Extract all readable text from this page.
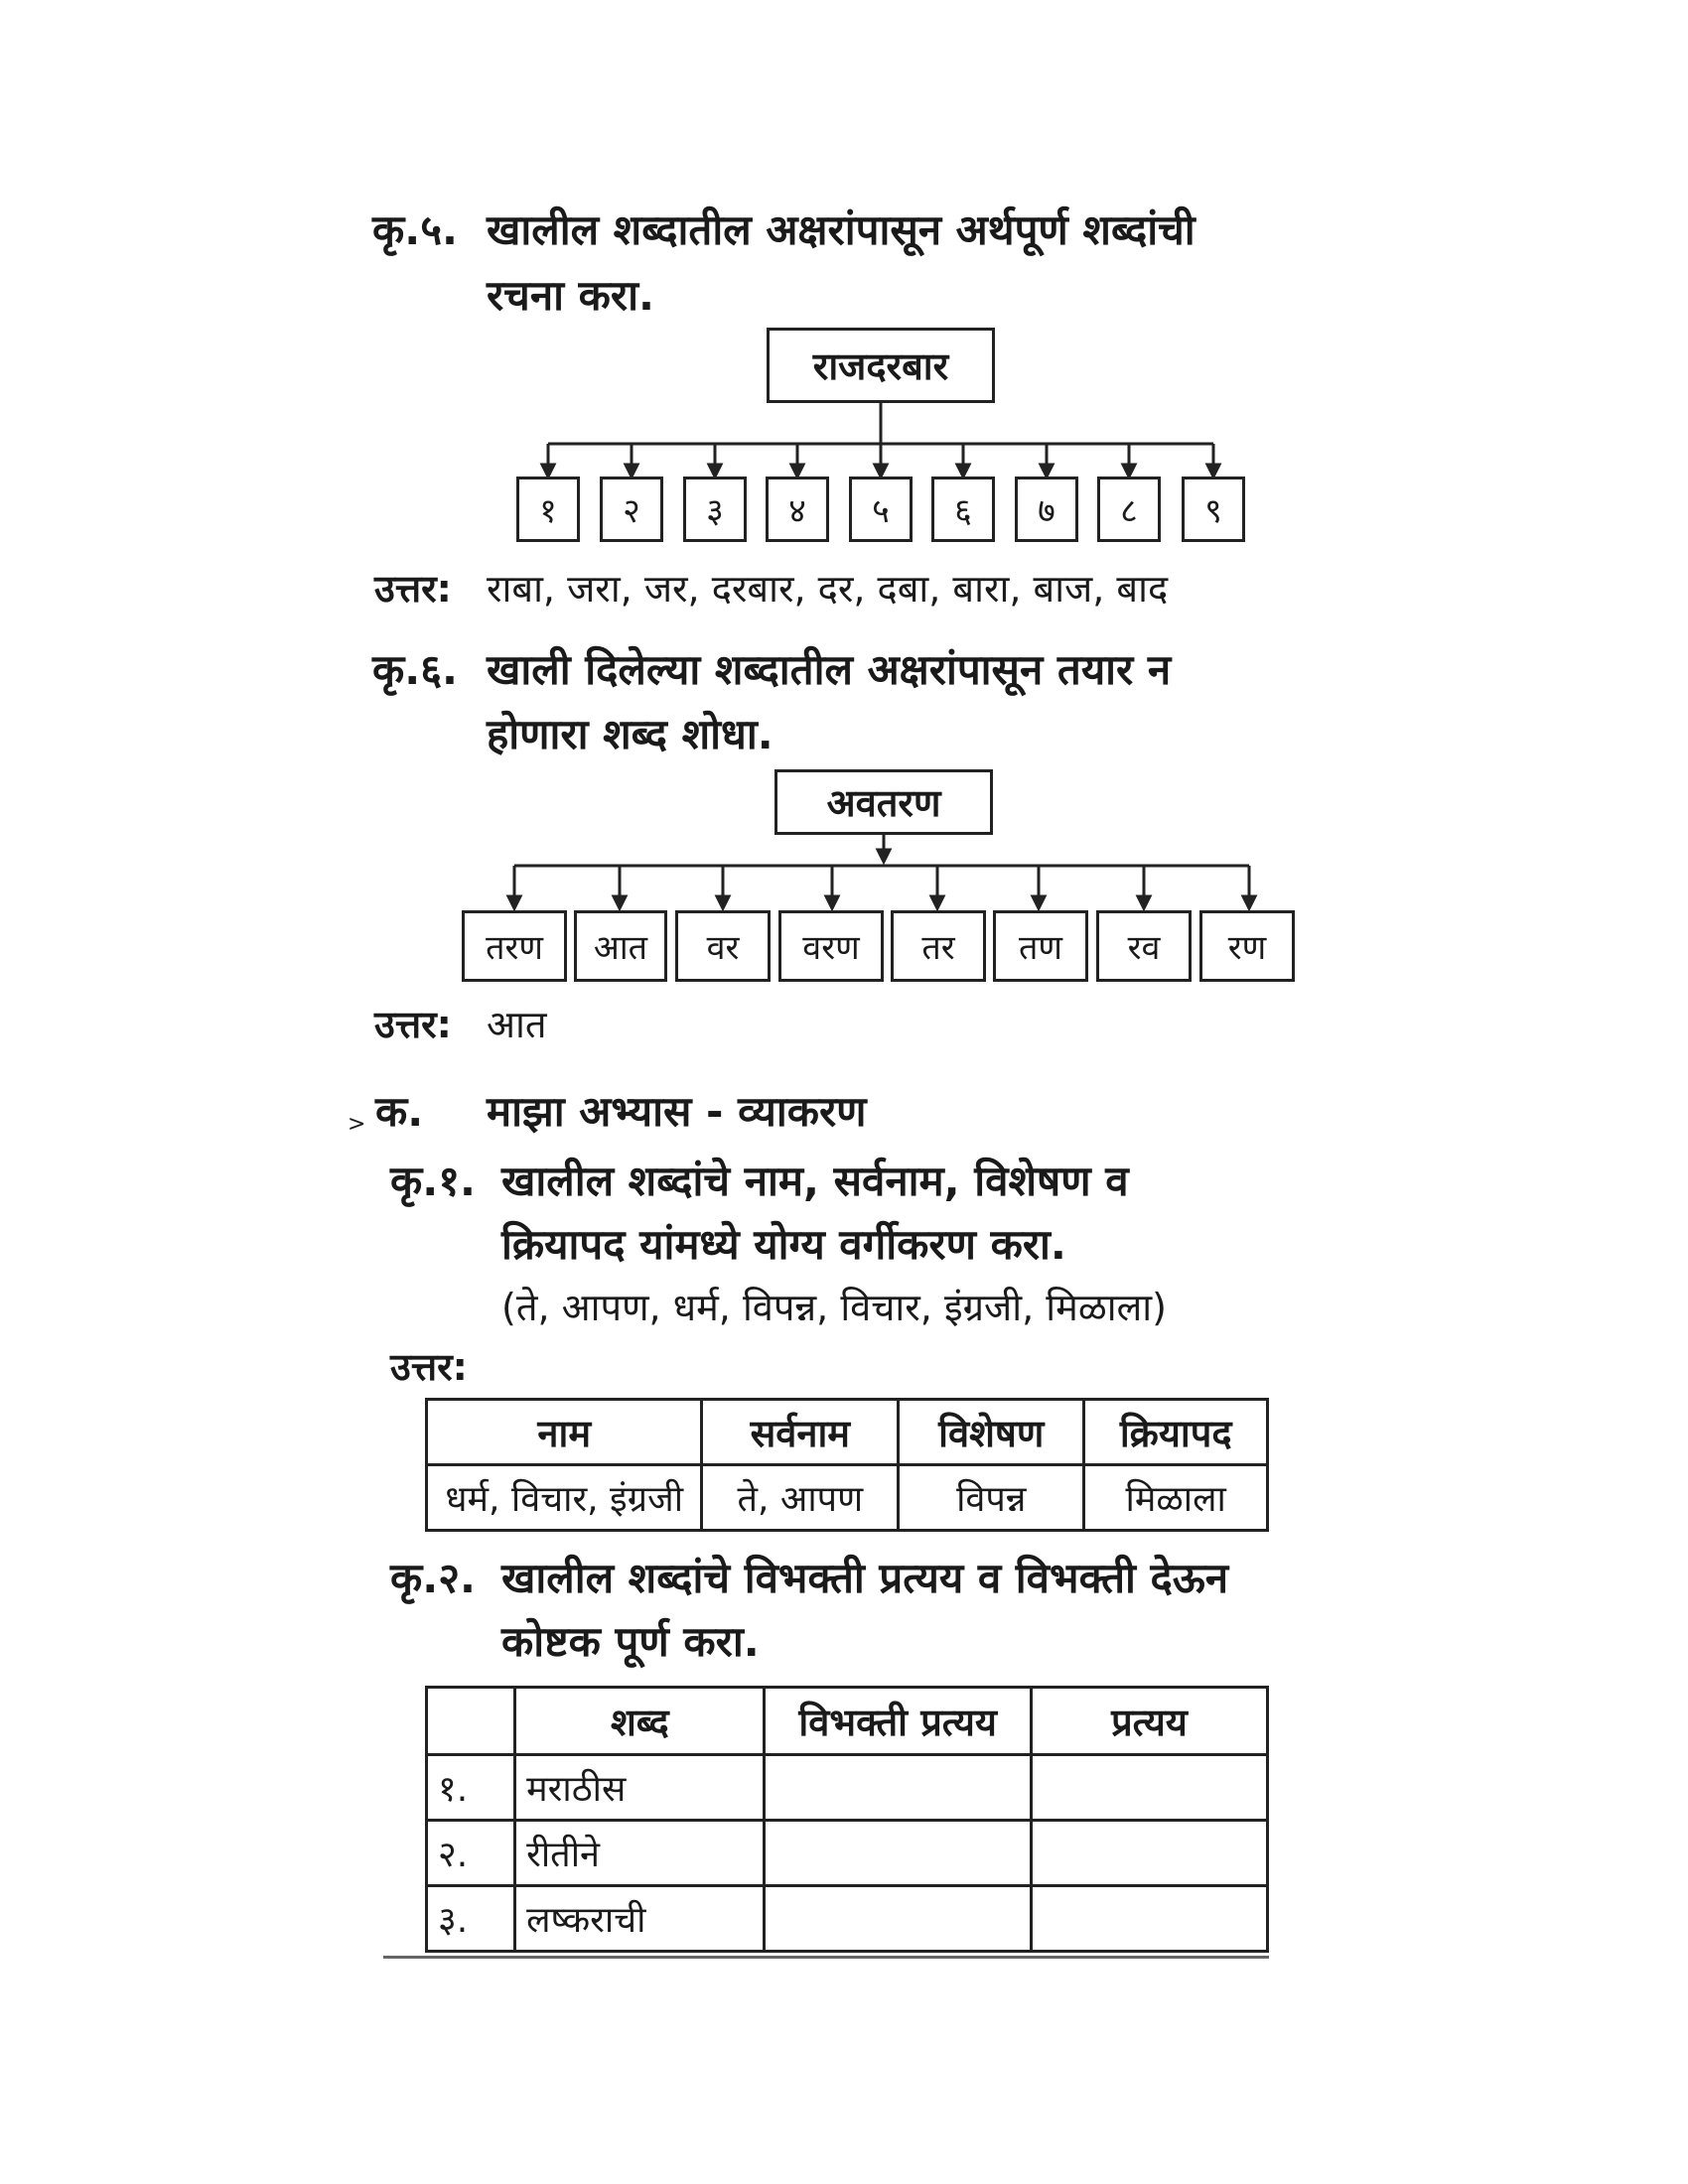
कृ.५. खालील शब्दातील अक्षरांपासून अर्थपूर्ण शब्दांची
रचना करा.
राजदरबार
१	२	३	४	५	६	७	८	९
उत्तर: राबा, जरा, जर, दरबार, दर, दबा, बारा, बाज, बाद
कृ.६. खाली दिलेल्या शब्दातील अक्षरांपासून तयार न
होणारा शब्द शोधा.
अवतरण
तरण	आत	वर	वरण	तर	तण	रव	रण
उत्तर: आत
> क. माझा अभ्यास - व्याकरण
कृ.१. खालील शब्दांचे नाम, सर्वनाम, विशेषण व
क्रियापद यांमध्ये योग्य वर्गीकरण करा.
(ते, आपण, धर्म, विपन्न, विचार, इंग्रजी, मिळाला)
उत्तर:
नाम	सर्वनाम	विशेषण	क्रियापद
धर्म, विचार, इंग्रजी	ते, आपण	विपन्न	मिळाला
कृ.२. खालील शब्दांचे विभक्ती प्रत्यय व विभक्ती देऊन
कोष्टक पूर्ण करा.
	शब्द	विभक्ती प्रत्यय	प्रत्यय
१.	मराठीस		
२.	रीतीने		
३.	लष्कराची		
